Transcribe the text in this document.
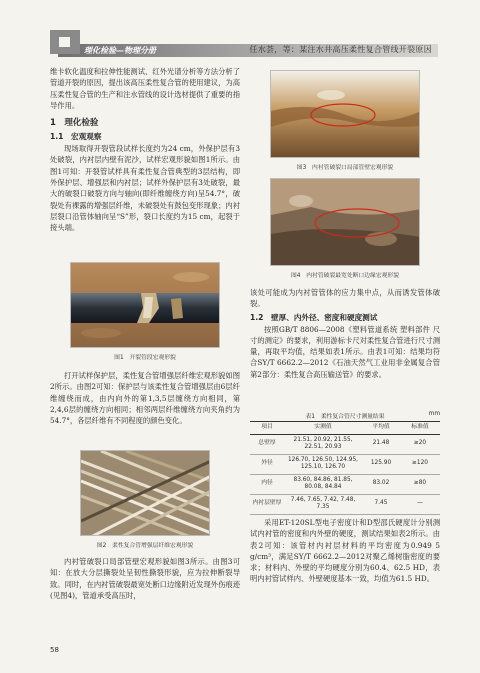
理化检验—物理分册	任水荟，等：某注水井高压柔性复合管线开裂原因

维卡软化温度和拉伸性能测试、红外光谱分析等方法分析了管道开裂的原因，提出该高压柔性复合管的使用建议，为高压柔性复合管的生产和注水管线的设计选材提供了重要的指导作用。

1　理化检验

1.1　宏观观察

现场取得开裂管段试样长度约为24 cm，外保护层有3处破裂，内衬层内壁有泥沙，试样宏观形貌如图1所示。由图1可知：开裂管试样具有柔性复合管典型的3层结构，即外保护层、增强层和内衬层；试样外保护层有3处破裂，最大的破裂口破裂方向与轴向(即纤维缠绕方向)呈54.7°，破裂处有裸露的增强层纤维，未破裂处有鼓包变形现象；内衬层裂口沿管体轴向呈“S”形，裂口长度约为15 cm，起裂于接头端。

图1　开裂管段宏观形貌

打开试样保护层，柔性复合管增强层纤维宏观形貌如图2所示。由图2可知：保护层与该柔性复合管增强层由6层纤维缠绕而成，由内向外的第1,3,5层缠绕方向相同，第2,4,6层的缠绕方向相同；相邻两层纤维缠绕方向夹角约为54.7°，各层纤维有不同程度的颜色变化。

图2　柔性复合管增强层纤维宏观形貌

内衬管破裂口局部管壁宏观形貌如图3所示。由图3可知：在放大分层撕裂处呈韧性撕裂形貌，应为拉伸断裂导致。同时，在内衬管破裂最宽处断口边缘附近发现外伤痕迹(见图4)，管道承受高压时，

图3　内衬管破裂口局部管壁宏观形貌
图4　内衬管破裂最宽处断口边缘宏观形貌

该处可能成为内衬管管体的应力集中点，从而诱发管体破裂。

1.2　壁厚、内外径、密度和硬度测试

按照GB/T 8806—2008《塑料管道系统 塑料部件 尺寸的测定》的要求，利用游标卡尺对柔性复合管进行尺寸测量，再取平均值，结果如表1所示。由表1可知：结果均符合SY/T 6662.2—2012《石油天然气工业用非金属复合管 第2部分：柔性复合高压输送管》的要求。

表1　柔性复合管尺寸测量结果	mm
项目	实测值	平均值	标准值
总壁厚	21.51, 20.92, 21.55, 22.51, 20.93	21.48	≥20
外径	126.70, 126.50, 124.95, 125.10, 126.70	125.90	≥120
内径	83.60, 84.86, 81.85, 80.08, 84.84	83.02	≥80
内衬层壁厚	7.46, 7.65, 7.42, 7.48, 7.35	7.45	—

采用ET-120SL型电子密度计和D型邵氏硬度计分别测试内衬管的密度和内外壁的硬度，测试结果如表2所示。由表2可知：该管材内衬层材料的平均密度为0.949 5 g/cm³，满足SY/T 6662.2—2012对聚乙烯树脂密度的要求；材料内、外壁的平均硬度分别为60.4、62.5 HD，表明内衬管试样内、外壁硬度基本一致，均值为61.5 HD。

58
